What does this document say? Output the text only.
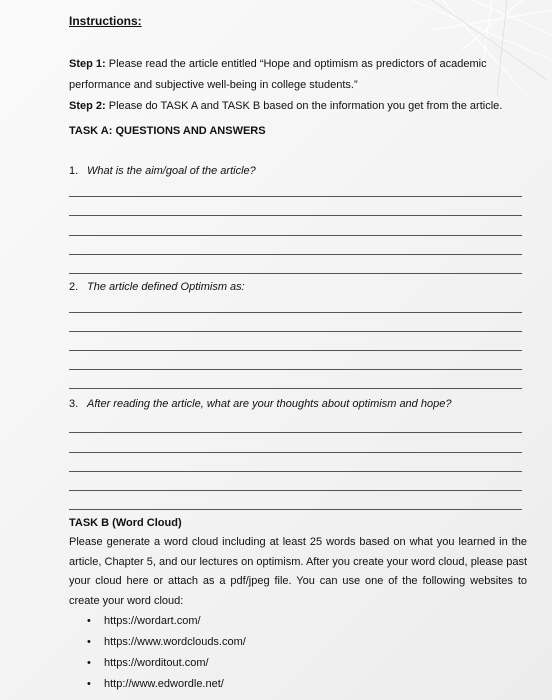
Instructions:

Step 1: Please read the article entitled “Hope and optimism as predictors of academic

performance and subjective well-being in college students.”

Step 2: Please do TASK A and TASK B based on the information you get from the article.

TASK A: QUESTIONS AND ANSWERS
1. What is the aim/goal of the article?
2. The article defined Optimism as:
3. After reading the article, what are your thoughts about optimism and hope?
TASK B (Word Cloud)

Please generate a word cloud including at least 25 words based on what you learned in the article, Chapter 5, and our lectures on optimism. After you create your word cloud, please past your cloud here or attach as a pdf/jpeg file. You can use one of the following websites to create your word cloud:

• https://wordart.com/
• https://www.wordclouds.com/
• https://worditout.com/
• http://www.edwordle.net/
